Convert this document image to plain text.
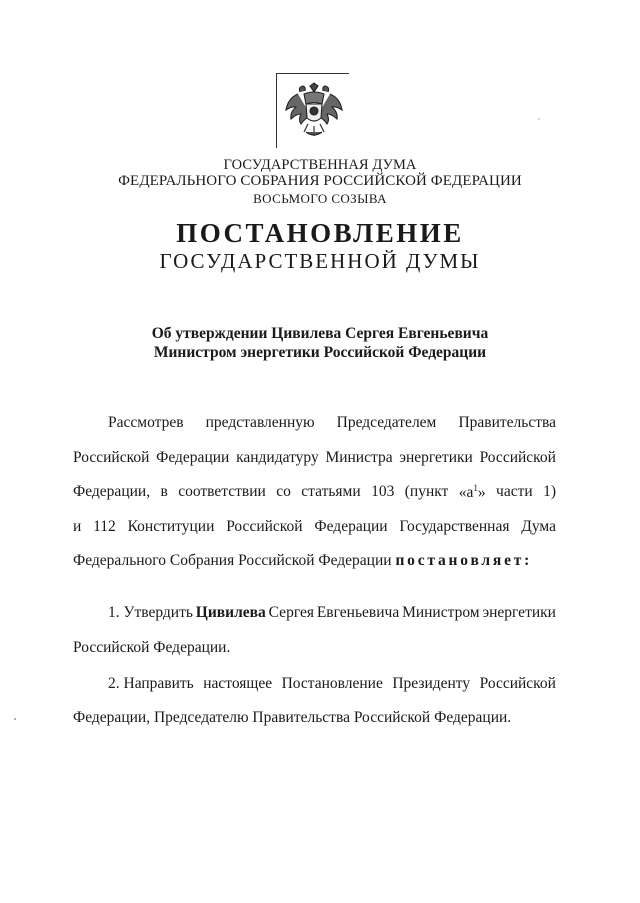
ГОСУДАРСТВЕННАЯ ДУМА
ФЕДЕРАЛЬНОГО СОБРАНИЯ РОССИЙСКОЙ ФЕДЕРАЦИИ
ВОСЬМОГО СОЗЫВА
ПОСТАНОВЛЕНИЕ
ГОСУДАРСТВЕННОЙ ДУМЫ
Об утверждении Цивилева Сергея Евгеньевича
Министром энергетики Российской Федерации
Рассмотрев представленную Председателем Правительства
Российской Федерации кандидатуру Министра энергетики Российской
Федерации, в соответствии со статьями 103 (пункт «$а^1$» части 1)
и 112 Конституции Российской Федерации Государственная Дума
Федерального Собрания Российской Федерации постановляет:
1. Утвердить Цивилева Сергея Евгеньевича Министром энергетики
Российской Федерации.
2. Направить настоящее Постановление Президенту Российской
Федерации, Председателю Правительства Российской Федерации.
